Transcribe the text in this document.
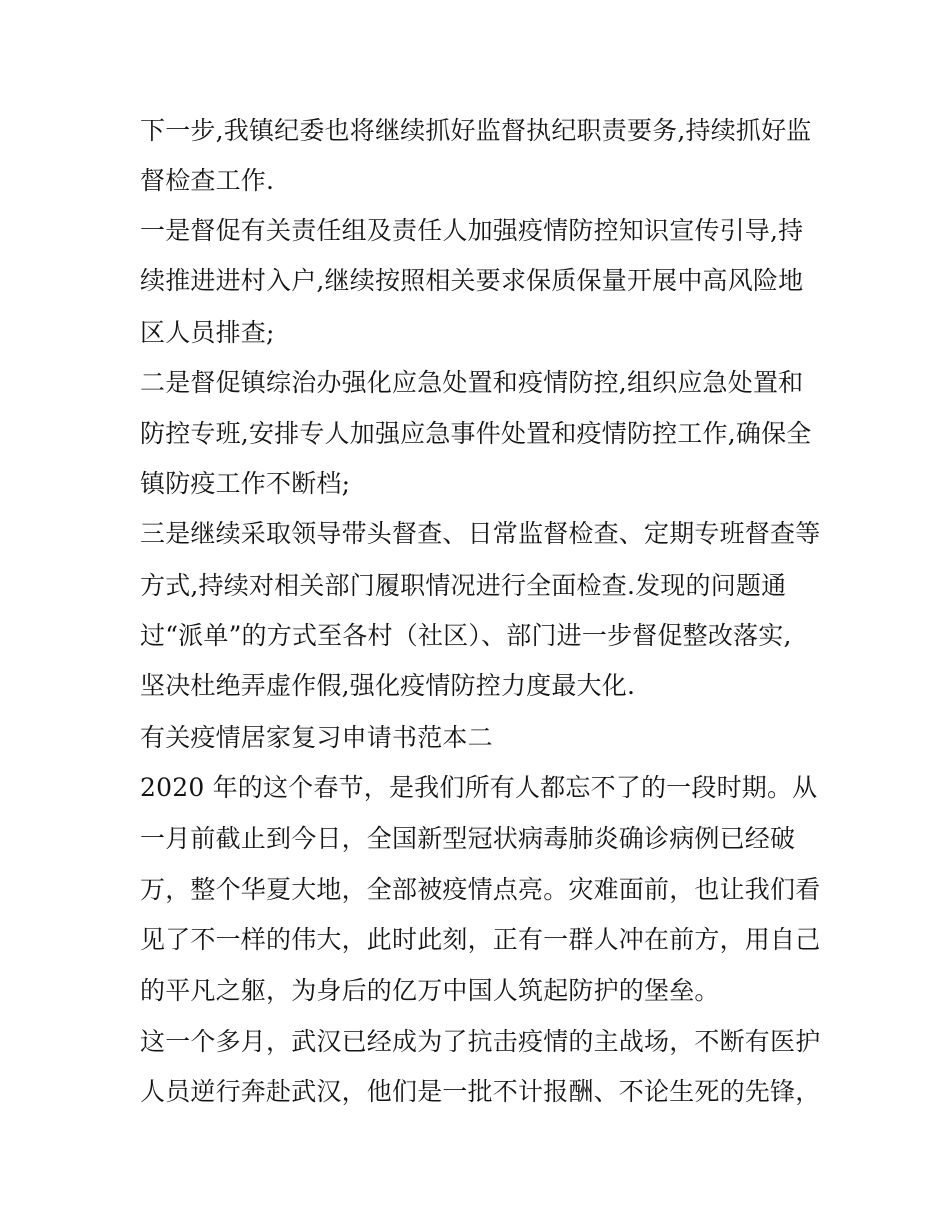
下一步,我镇纪委也将继续抓好监督执纪职责要务,持续抓好监
督检查工作.
一是督促有关责任组及责任人加强疫情防控知识宣传引导,持
续推进进村入户,继续按照相关要求保质保量开展中高风险地
区人员排查;
二是督促镇综治办强化应急处置和疫情防控,组织应急处置和
防控专班,安排专人加强应急事件处置和疫情防控工作,确保全
镇防疫工作不断档;
三是继续采取领导带头督查、日常监督检查、定期专班督查等
方式,持续对相关部门履职情况进行全面检查.发现的问题通
过“派单”的方式至各村（社区）、部门进一步督促整改落实,
坚决杜绝弄虚作假,强化疫情防控力度最大化.
有关疫情居家复习申请书范本二
2020 年的这个春节，是我们所有人都忘不了的一段时期。从
一月前截止到今日，全国新型冠状病毒肺炎确诊病例已经破
万，整个华夏大地，全部被疫情点亮。灾难面前，也让我们看
见了不一样的伟大，此时此刻，正有一群人冲在前方，用自己
的平凡之躯，为身后的亿万中国人筑起防护的堡垒。
这一个多月，武汉已经成为了抗击疫情的主战场，不断有医护
人员逆行奔赴武汉，他们是一批不计报酬、不论生死的先锋，
